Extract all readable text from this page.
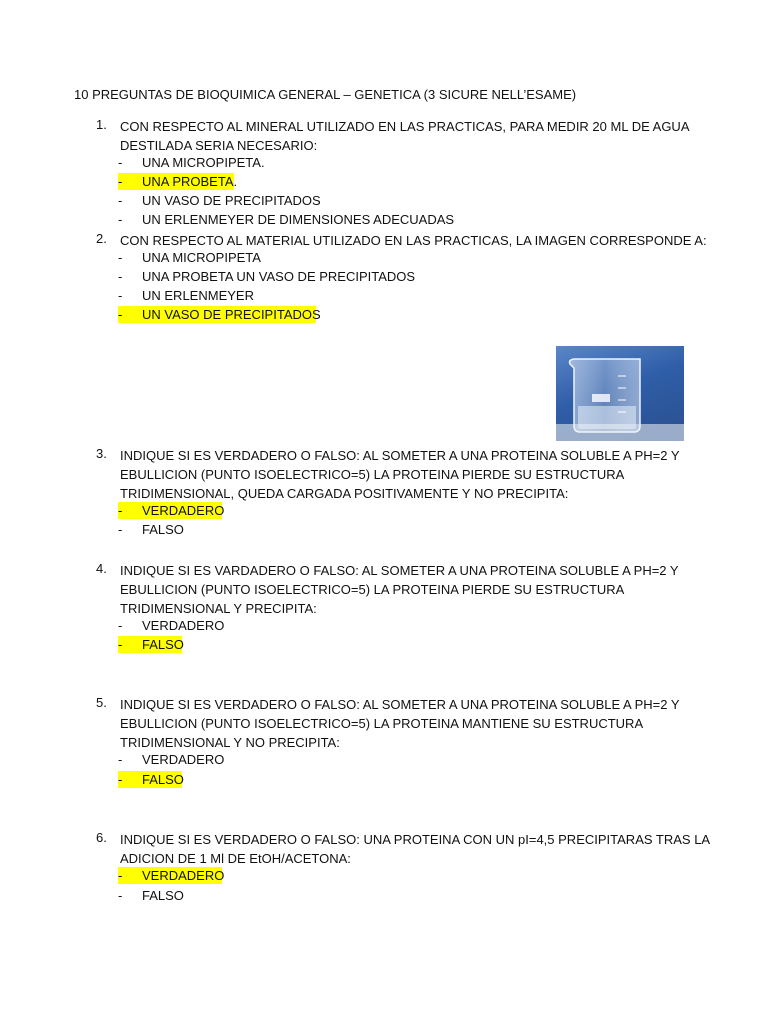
10 PREGUNTAS DE BIOQUIMICA GENERAL – GENETICA (3 SICURE NELL’ESAME)
1. CON RESPECTO AL MINERAL UTILIZADO EN LAS PRACTICAS, PARA MEDIR 20 ML DE AGUA
DESTILADA SERIA NECESARIO:
- UNA MICROPIPETA.
- UNA PROBETA.
- UN VASO DE PRECIPITADOS
- UN ERLENMEYER DE DIMENSIONES ADECUADAS
2. CON RESPECTO AL MATERIAL UTILIZADO EN LAS PRACTICAS, LA IMAGEN CORRESPONDE A:
- UNA MICROPIPETA
- UNA PROBETA UN VASO DE PRECIPITADOS
- UN ERLENMEYER
- UN VASO DE PRECIPITADOS
3. INDIQUE SI ES VERDADERO O FALSO: AL SOMETER A UNA PROTEINA SOLUBLE A PH=2 Y
EBULLICION (PUNTO ISOELECTRICO=5) LA PROTEINA PIERDE SU ESTRUCTURA
TRIDIMENSIONAL, QUEDA CARGADA POSITIVAMENTE Y NO PRECIPITA:
- VERDADERO
- FALSO
4. INDIQUE SI ES VARDADERO O FALSO: AL SOMETER A UNA PROTEINA SOLUBLE A PH=2 Y
EBULLICION (PUNTO ISOELECTRICO=5) LA PROTEINA PIERDE SU ESTRUCTURA
TRIDIMENSIONAL Y PRECIPITA:
- VERDADERO
- FALSO
5. INDIQUE SI ES VERDADERO O FALSO: AL SOMETER A UNA PROTEINA SOLUBLE A PH=2 Y
EBULLICION (PUNTO ISOELECTRICO=5) LA PROTEINA MANTIENE SU ESTRUCTURA
TRIDIMENSIONAL Y NO PRECIPITA:
- VERDADERO
- FALSO
6. INDIQUE SI ES VERDADERO O FALSO: UNA PROTEINA CON UN pI=4,5 PRECIPITARAS TRAS LA
ADICION DE 1 Ml DE EtOH/ACETONA:
- VERDADERO
- FALSO
